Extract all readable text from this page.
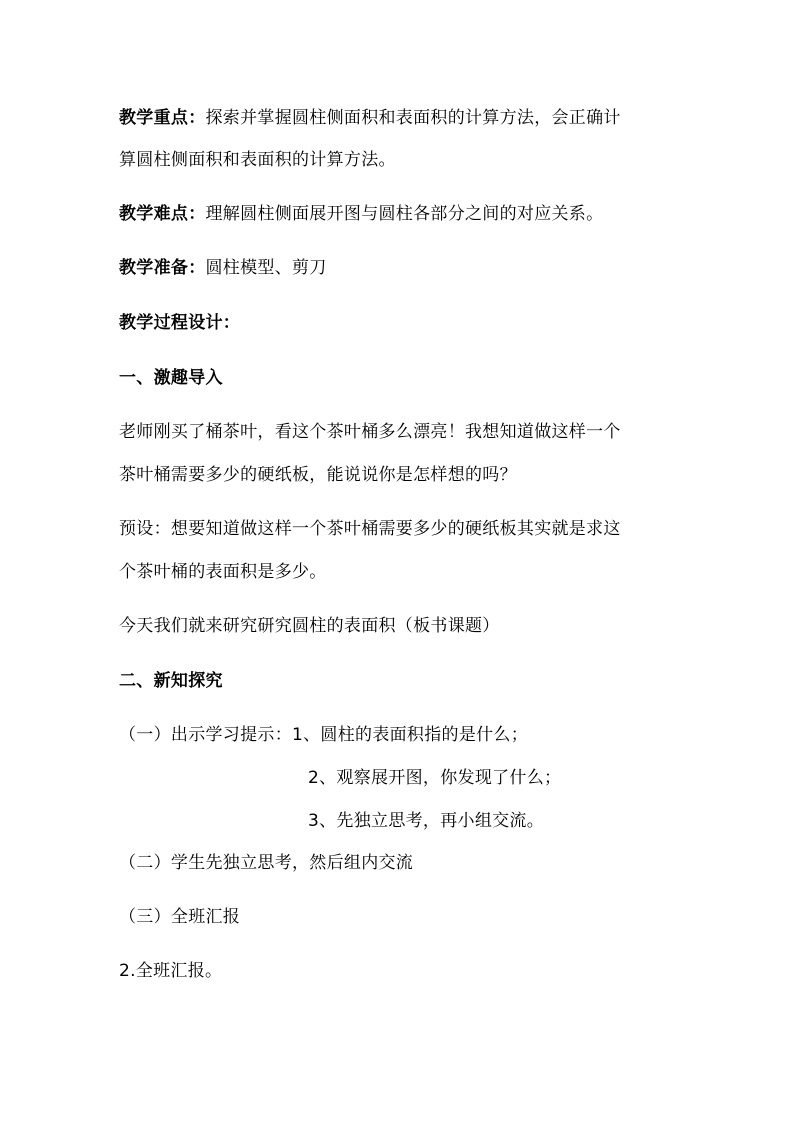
教学重点：探索并掌握圆柱侧面积和表面积的计算方法，会正确计
算圆柱侧面积和表面积的计算方法。
教学难点：理解圆柱侧面展开图与圆柱各部分之间的对应关系。
教学准备：圆柱模型、剪刀
教学过程设计：
一、激趣导入
老师刚买了桶茶叶，看这个茶叶桶多么漂亮！我想知道做这样一个
茶叶桶需要多少的硬纸板，能说说你是怎样想的吗？
预设：想要知道做这样一个茶叶桶需要多少的硬纸板其实就是求这
个茶叶桶的表面积是多少。
今天我们就来研究研究圆柱的表面积（板书课题）
二、新知探究
（一）出示学习提示：1、圆柱的表面积指的是什么；
2、观察展开图，你发现了什么；
3、先独立思考，再小组交流。
（二）学生先独立思考，然后组内交流
（三）全班汇报
2.全班汇报。
